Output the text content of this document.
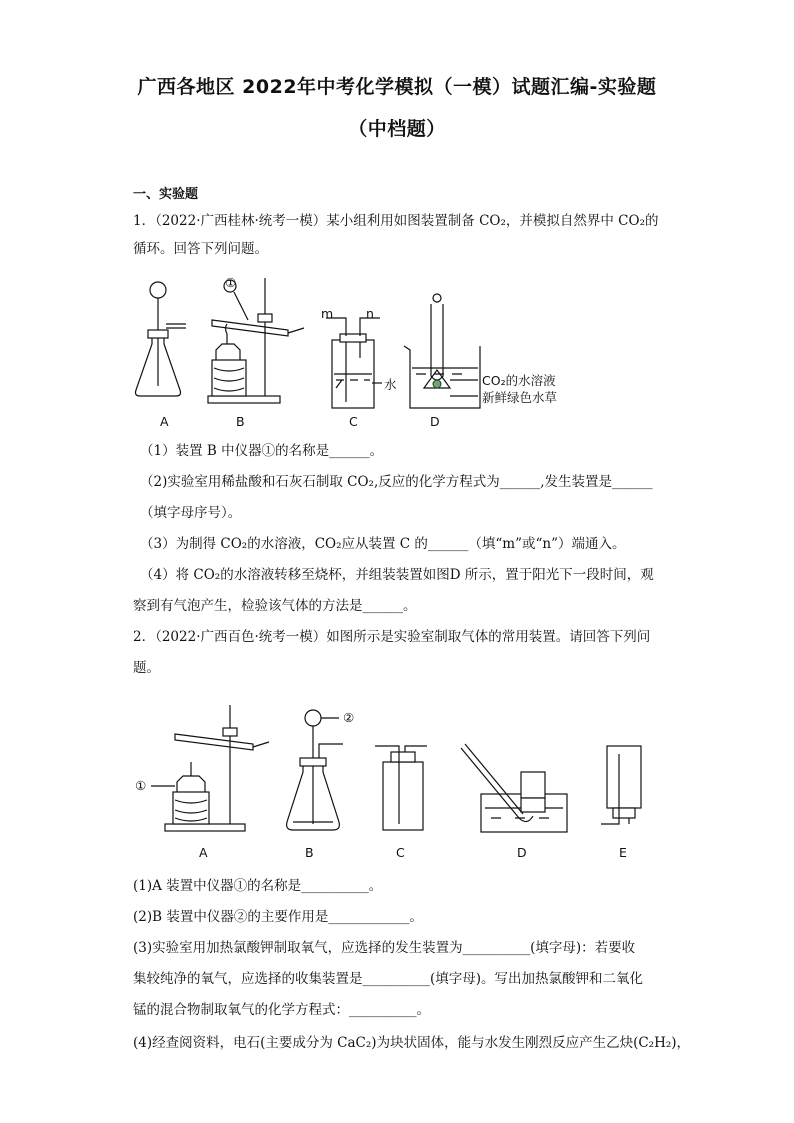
广西各地区 2022年中考化学模拟（一模）试题汇编-实验题
（中档题）
一、实验题
1．（2022·广西桂林·统考一模）某小组利用如图装置制备 CO₂，并模拟自然界中 CO₂的
循环。回答下列问题。
A	B	C	D
①
m	n
水	CO₂的水溶液
新鲜绿色水草
（1）装置 B 中仪器①的名称是______。
（2)实验室用稀盐酸和石灰石制取 CO₂,反应的化学方程式为______,发生装置是______
（填字母序号）。
（3）为制得 CO₂的水溶液，CO₂应从装置 C 的______（填“m”或“n”）端通入。
（4）将 CO₂的水溶液转移至烧杯，并组装装置如图D 所示，置于阳光下一段时间，观
察到有气泡产生，检验该气体的方法是______。
2．（2022·广西百色·统考一模）如图所示是实验室制取气体的常用装置。请回答下列问
题。
①
②
A	B	C	D	E
(1)A 装置中仪器①的名称是__________。
(2)B 装置中仪器②的主要作用是____________。
(3)实验室用加热氯酸钾制取氧气，应选择的发生装置为__________(填字母)：若要收
集较纯净的氧气，应选择的收集装置是__________(填字母)。写出加热氯酸钾和二氧化
锰的混合物制取氧气的化学方程式：__________。
(4)经查阅资料，电石(主要成分为 CaC₂)为块状固体，能与水发生刚烈反应产生乙炔(C₂H₂)，
